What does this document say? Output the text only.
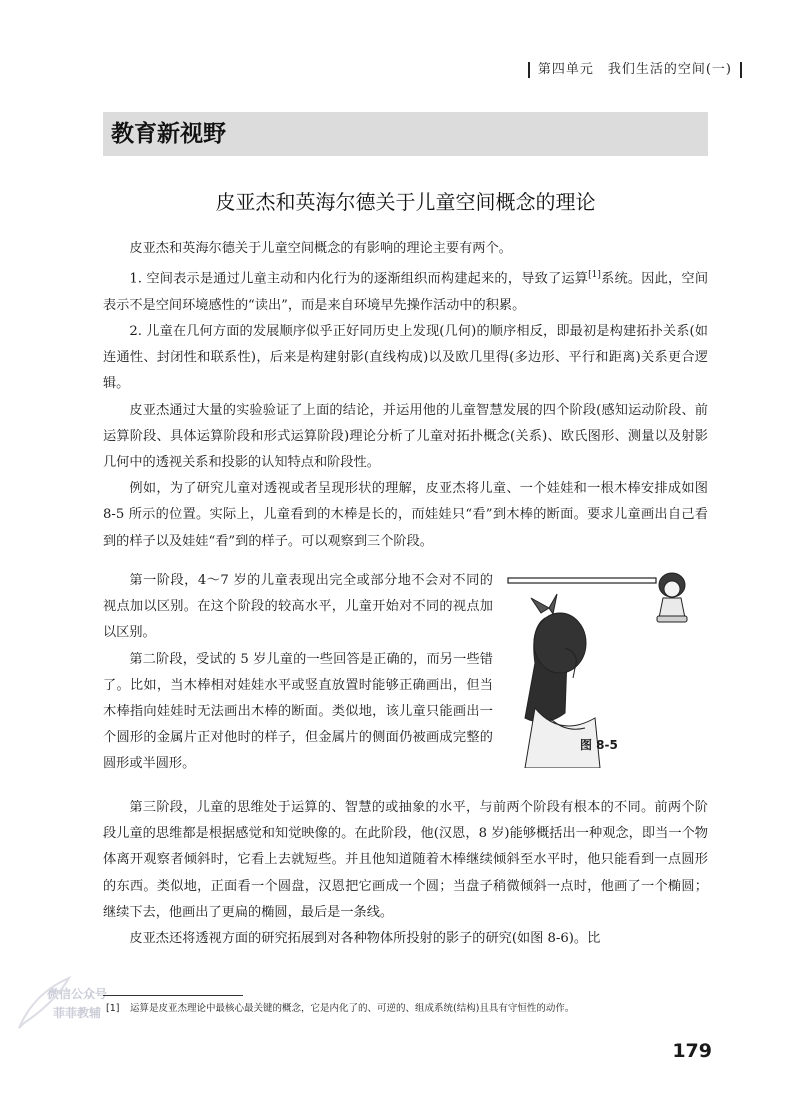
第四单元　我们生活的空间(一)
教育新视野
皮亚杰和英海尔德关于儿童空间概念的理论

皮亚杰和英海尔德关于儿童空间概念的有影响的理论主要有两个。

1. 空间表示是通过儿童主动和内化行为的逐渐组织而构建起来的，导致了运算[1]系统。因此，空间表示不是空间环境感性的“读出”，而是来自环境早先操作活动中的积累。

2. 儿童在几何方面的发展顺序似乎正好同历史上发现(几何)的顺序相反，即最初是构建拓扑关系(如连通性、封闭性和联系性)，后来是构建射影(直线构成)以及欧几里得(多边形、平行和距离)关系更合逻辑。

皮亚杰通过大量的实验验证了上面的结论，并运用他的儿童智慧发展的四个阶段(感知运动阶段、前运算阶段、具体运算阶段和形式运算阶段)理论分析了儿童对拓扑概念(关系)、欧氏图形、测量以及射影几何中的透视关系和投影的认知特点和阶段性。

例如，为了研究儿童对透视或者呈现形状的理解，皮亚杰将儿童、一个娃娃和一根木棒安排成如图 8-5 所示的位置。实际上，儿童看到的木棒是长的，而娃娃只“看”到木棒的断面。要求儿童画出自己看到的样子以及娃娃“看”到的样子。可以观察到三个阶段。

第一阶段，4～7 岁的儿童表现出完全或部分地不会对不同的视点加以区别。在这个阶段的较高水平，儿童开始对不同的视点加以区别。

第二阶段，受试的 5 岁儿童的一些回答是正确的，而另一些错了。比如，当木棒相对娃娃水平或竖直放置时能够正确画出，但当木棒指向娃娃时无法画出木棒的断面。类似地，该儿童只能画出一个圆形的金属片正对他时的样子，但金属片的侧面仍被画成完整的圆形或半圆形。

图 8-5

第三阶段，儿童的思维处于运算的、智慧的或抽象的水平，与前两个阶段有根本的不同。前两个阶段儿童的思维都是根据感觉和知觉映像的。在此阶段，他(汉恩，8 岁)能够概括出一种观念，即当一个物体离开观察者倾斜时，它看上去就短些。并且他知道随着木棒继续倾斜至水平时，他只能看到一点圆形的东西。类似地，正面看一个圆盘，汉恩把它画成一个圆；当盘子稍微倾斜一点时，他画了一个椭圆；继续下去，他画出了更扁的椭圆，最后是一条线。

皮亚杰还将透视方面的研究拓展到对各种物体所投射的影子的研究(如图 8-6)。比

微信公众号
菲菲教辅 [1] 运算是皮亚杰理论中最核心最关键的概念，它是内化了的、可逆的、组成系统(结构)且具有守恒性的动作。
179
